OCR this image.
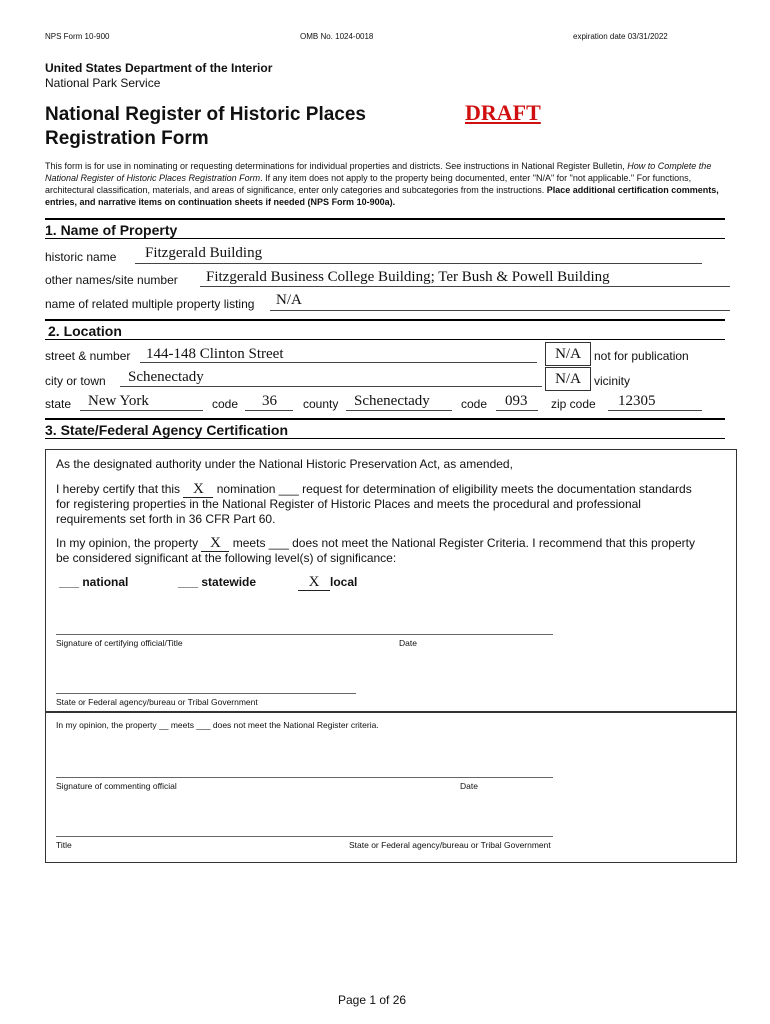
NPS Form 10-900	OMB No. 1024-0018	expiration date 03/31/2022
United States Department of the Interior
National Park Service
National Register of Historic Places
Registration Form
DRAFT
This form is for use in nominating or requesting determinations for individual properties and districts. See instructions in National Register Bulletin, How to Complete the National Register of Historic Places Registration Form. If any item does not apply to the property being documented, enter "N/A" for "not applicable." For functions, architectural classification, materials, and areas of significance, enter only categories and subcategories from the instructions. Place additional certification comments, entries, and narrative items on continuation sheets if needed (NPS Form 10-900a).
1. Name of Property
historic name Fitzgerald Building
other names/site number Fitzgerald Business College Building; Ter Bush & Powell Building
name of related multiple property listing N/A
2. Location
street & number 144-148 Clinton Street	N/A	not for publication
city or town Schenectady	N/A	vicinity
state New York	code 36 county Schenectady	code 093 zip code 12305
3. State/Federal Agency Certification
As the designated authority under the National Historic Preservation Act, as amended,
I hereby certify that this X nomination ___ request for determination of eligibility meets the documentation standards
for registering properties in the National Register of Historic Places and meets the procedural and professional
requirements set forth in 36 CFR Part 60.
In my opinion, the property X meets ___ does not meet the National Register Criteria. I recommend that this property
be considered significant at the following level(s) of significance:
___ national	___ statewide	X local
Signature of certifying official/Title	Date
State or Federal agency/bureau or Tribal Government
In my opinion, the property __ meets ___ does not meet the National Register criteria.
Signature of commenting official	Date
Title	State or Federal agency/bureau or Tribal Government
Page 1 of 26
